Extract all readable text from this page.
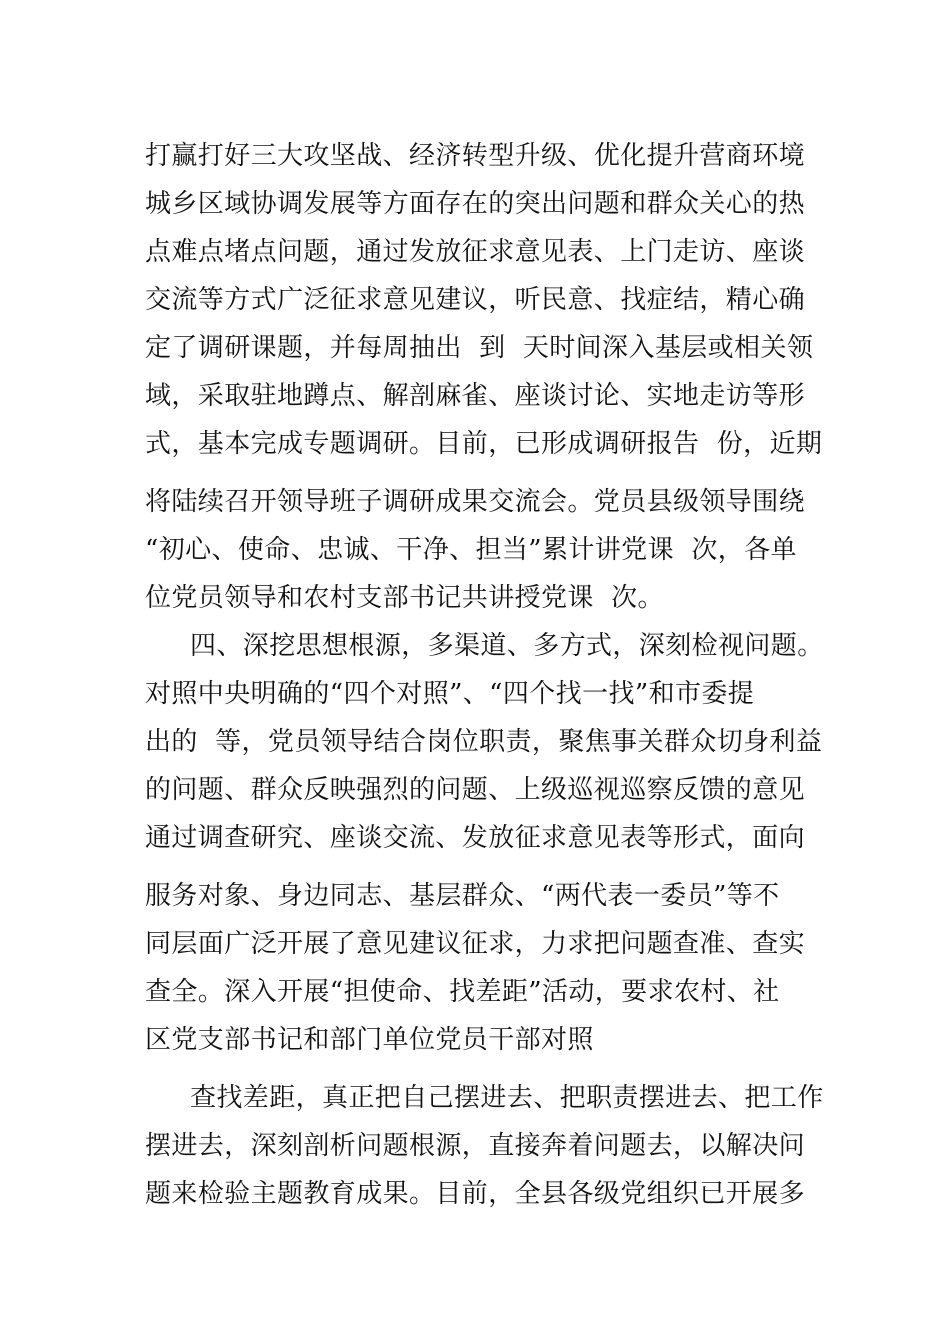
打赢打好三大攻坚战、经济转型升级、优化提升营商环境
城乡区域协调发展等方面存在的突出问题和群众关心的热
点难点堵点问题，通过发放征求意见表、上门走访、座谈
交流等方式广泛征求意见建议，听民意、找症结，精心确
定了调研课题，并每周抽出  到  天时间深入基层或相关领
域，采取驻地蹲点、解剖麻雀、座谈讨论、实地走访等形
式，基本完成专题调研。目前，已形成调研报告  份，近期
将陆续召开领导班子调研成果交流会。党员县级领导围绕
“初心、使命、忠诚、干净、担当”累计讲党课  次，各单
位党员领导和农村支部书记共讲授党课  次。
四、深挖思想根源，多渠道、多方式，深刻检视问题。
对照中央明确的“四个对照”、“四个找一找”和市委提
出的  等，党员领导结合岗位职责，聚焦事关群众切身利益
的问题、群众反映强烈的问题、上级巡视巡察反馈的意见
通过调查研究、座谈交流、发放征求意见表等形式，面向
服务对象、身边同志、基层群众、“两代表一委员”等不
同层面广泛开展了意见建议征求，力求把问题查准、查实
查全。深入开展“担使命、找差距”活动，要求农村、社
区党支部书记和部门单位党员干部对照
查找差距，真正把自己摆进去、把职责摆进去、把工作
摆进去，深刻剖析问题根源，直接奔着问题去，以解决问
题来检验主题教育成果。目前，全县各级党组织已开展多
